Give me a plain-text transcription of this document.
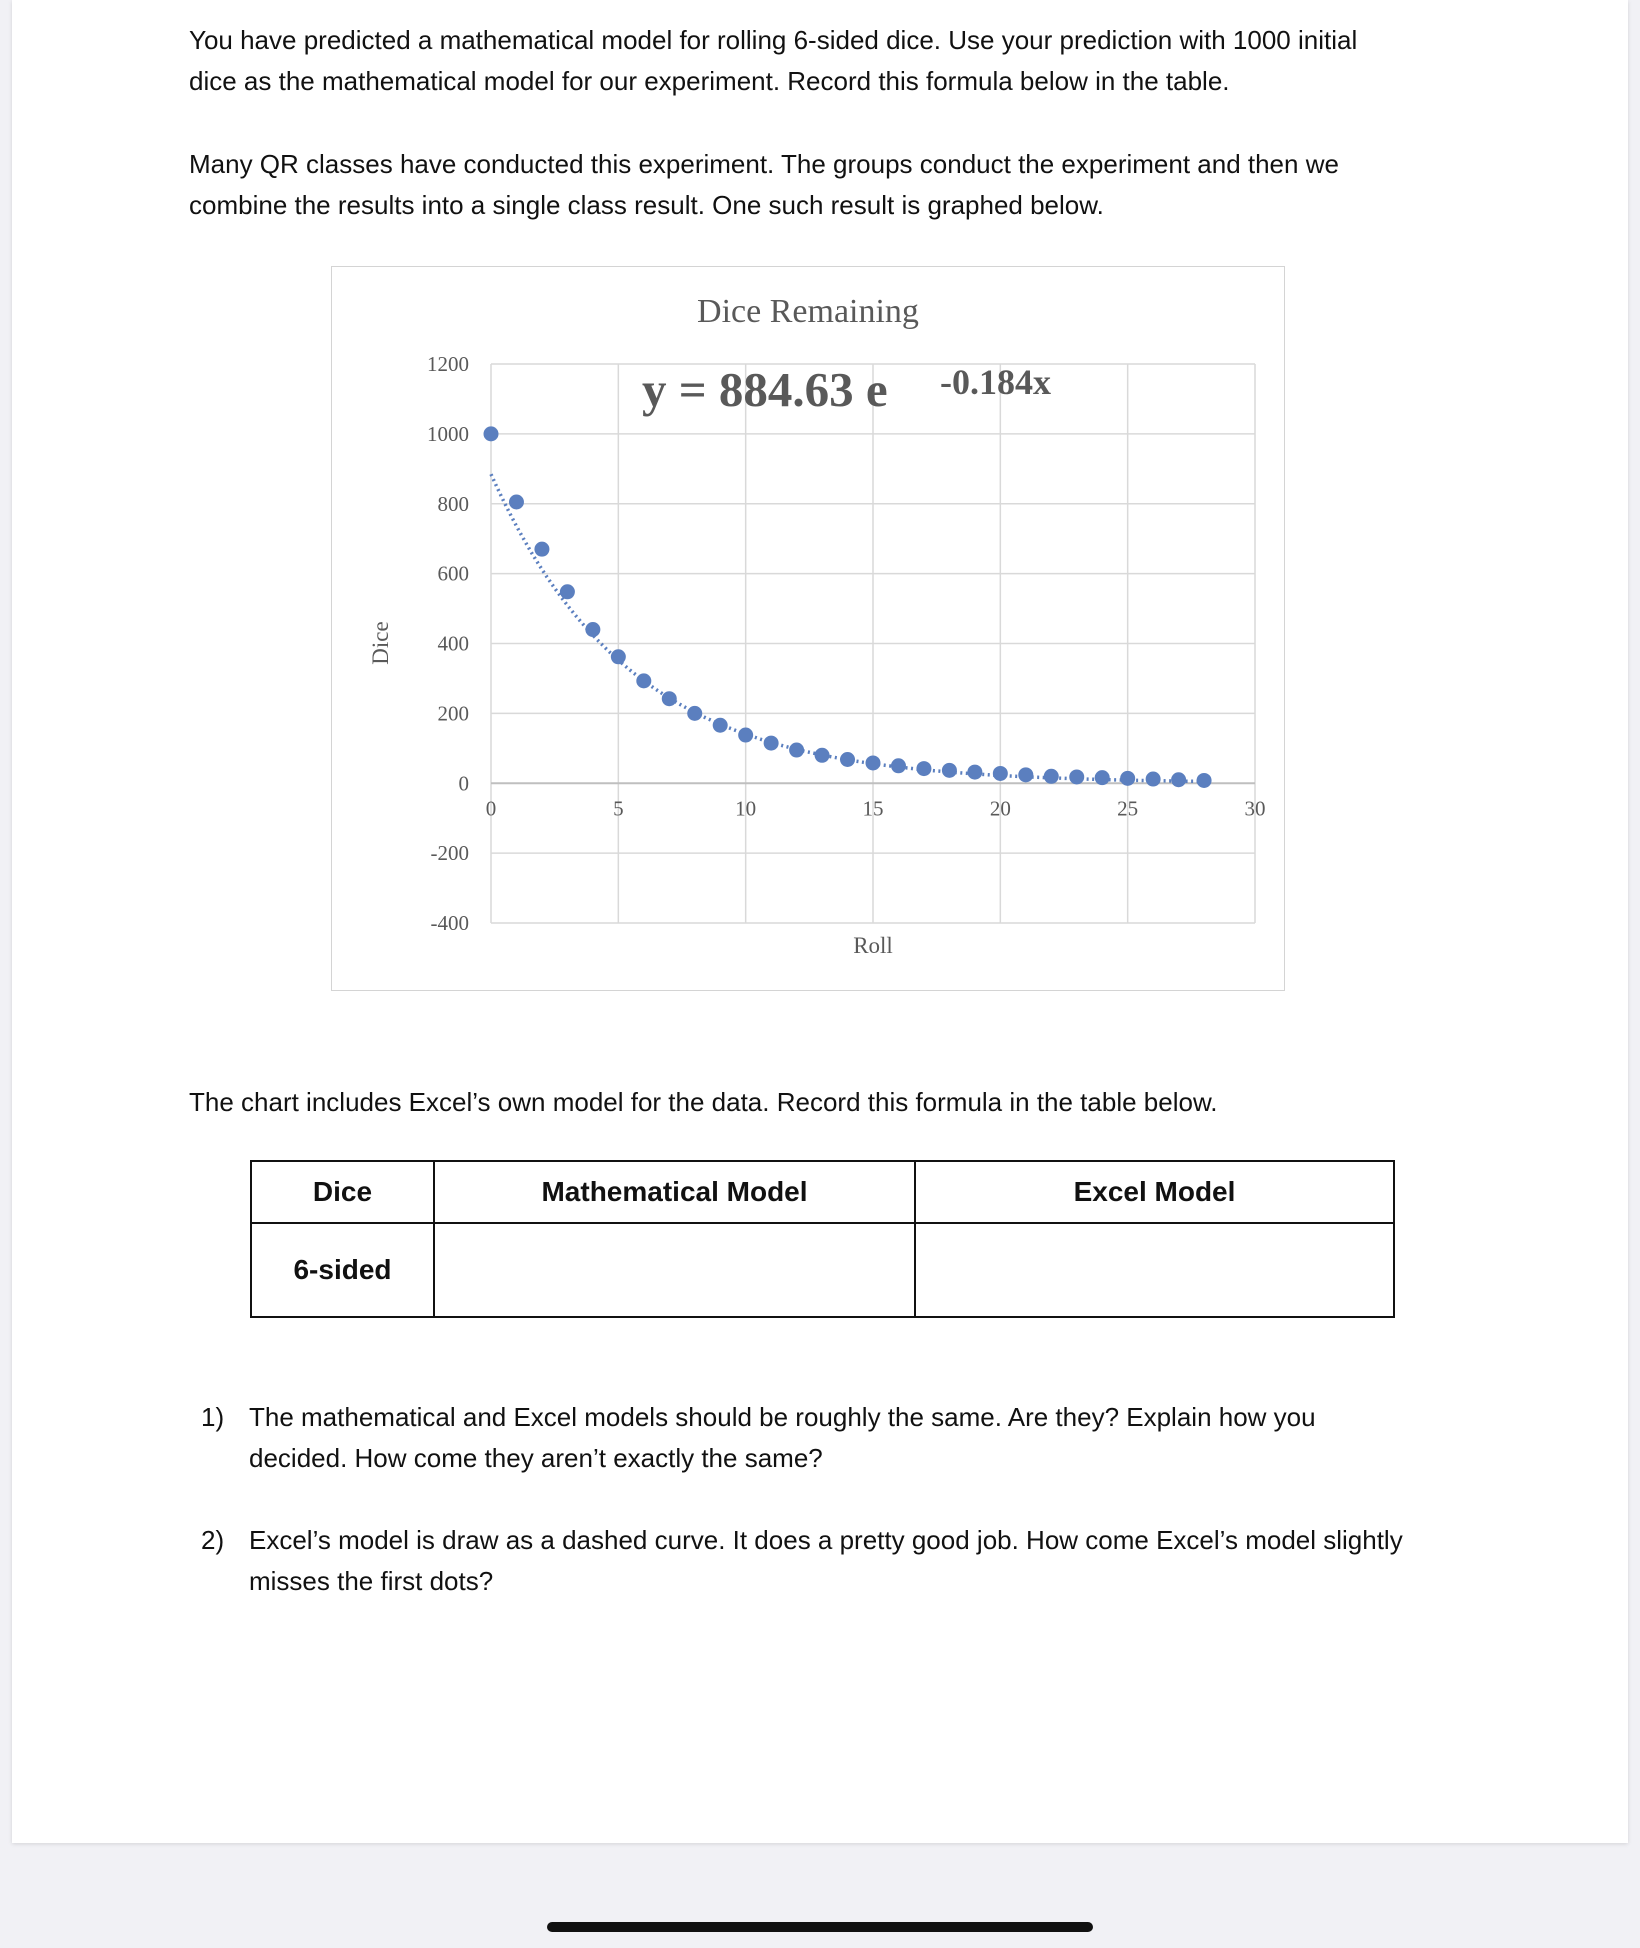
You have predicted a mathematical model for rolling 6-sided dice. Use your prediction with 1000 initial
dice as the mathematical model for our experiment. Record this formula below in the table.

Many QR classes have conducted this experiment. The groups conduct the experiment and then we
combine the results into a single class result. One such result is graphed below.

1200
1000
800
600
400
200
0
-200
-400
0	5	10	15	20	25	30
Dice Remaining
Roll
Dice
y = 884.63 e -0.184x

The chart includes Excel’s own model for the data. Record this formula in the table below.

Dice	Mathematical Model	Excel Model
6-sided		
1) The mathematical and Excel models should be roughly the same. Are they? Explain how you
decided. How come they aren’t exactly the same?
2) Excel’s model is draw as a dashed curve. It does a pretty good job. How come Excel’s model slightly
misses the first dots?
